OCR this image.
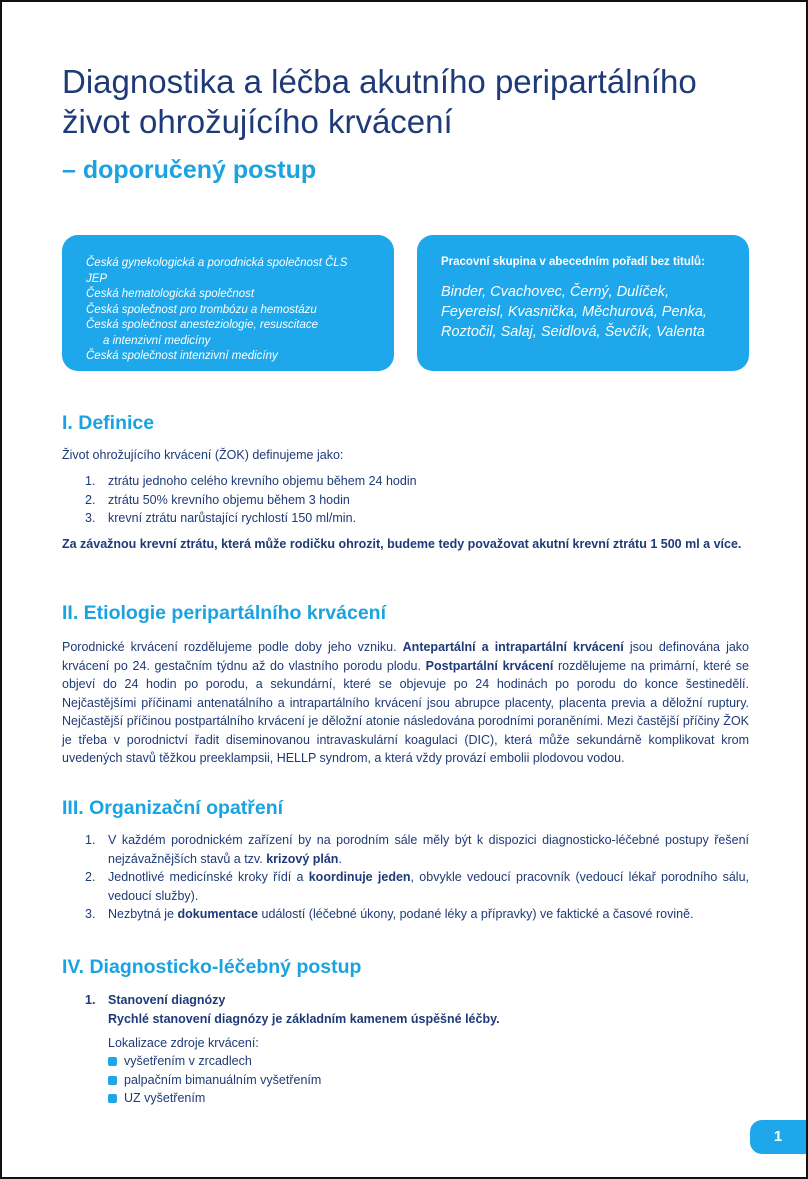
Diagnostika a léčba akutního peripartálního život ohrožujícího krvácení
– doporučený postup
Česká gynekologická a porodnická společnost ČLS JEP
Česká hematologická společnost
Česká společnost pro trombózu a hemostázu
Česká společnost anesteziologie, resuscitace
a intenzivní medicíny
Česká společnost intenzivní medicíny
Pracovní skupina v abecedním pořadí bez titulů:
Binder, Cvachovec, Černý, Dulíček, Feyereisl, Kvasnička, Měchurová, Penka, Roztočil, Salaj, Seidlová, Ševčík, Valenta
I. Definice

Život ohrožujícího krvácení (ŽOK) definujeme jako:

1. ztrátu jednoho celého krevního objemu během 24 hodin
2. ztrátu 50% krevního objemu během 3 hodin
3. krevní ztrátu narůstající rychlostí 150 ml/min.

Za závažnou krevní ztrátu, která může rodičku ohrozit, budeme tedy považovat akutní krevní ztrátu 1 500 ml a více.

II. Etiologie peripartálního krvácení

Porodnické krvácení rozdělujeme podle doby jeho vzniku. Antepartální a intrapartální krvácení jsou definována jako krvácení po 24. gestačním týdnu až do vlastního porodu plodu. Postpartální krvácení rozdělujeme na primární, které se objeví do 24 hodin po porodu, a sekundární, které se objevuje po 24 hodinách po porodu do konce šestinedělí. Nejčastějšími příčinami antenatálního a intrapartálního krvácení jsou abrupce placenty, placenta previa a děložní ruptury. Nejčastější příčinou postpartálního krvácení je děložní atonie následována porodními poraněními. Mezi častější příčiny ŽOK je třeba v porodnictví řadit diseminovanou intravaskulární koagulaci (DIC), která může sekundárně komplikovat krom uvedených stavů těžkou preeklampsii, HELLP syndrom, a která vždy provází embolii plodovou vodou.

III. Organizační opatření
1. V každém porodnickém zařízení by na porodním sále měly být k dispozici diagnosticko-léčebné postupy řešení nejzávažnějších stavů a tzv. krizový plán.
2. Jednotlivé medicínské kroky řídí a koordinuje jeden, obvykle vedoucí pracovník (vedoucí lékař porodního sálu, vedoucí služby).
3. Nezbytná je dokumentace událostí (léčebné úkony, podané léky a přípravky) ve faktické a časové rovině.
IV. Diagnosticko-léčebný postup
1. Stanovení diagnózy
Rychlé stanovení diagnózy je základním kamenem úspěšné léčby.

Lokalizace zdroje krvácení:

vyšetřením v zrcadlech
palpačním bimanuálním vyšetřením
UZ vyšetřením
1
